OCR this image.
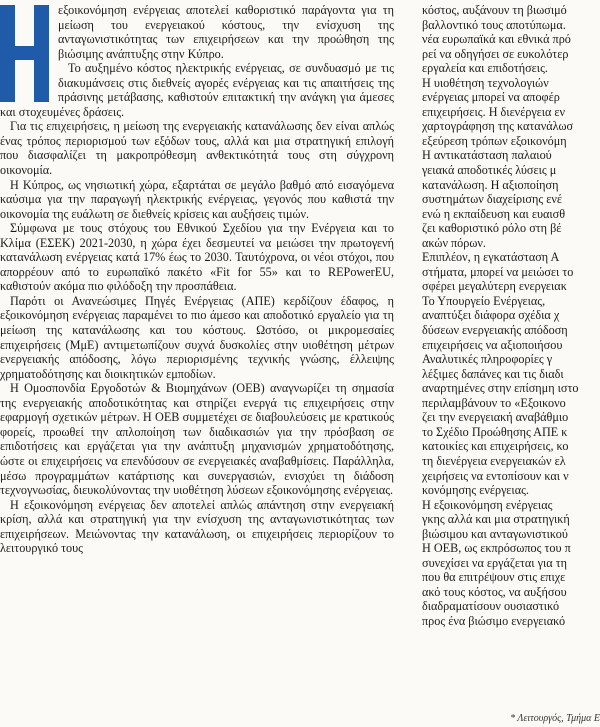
εξοικονόμηση ενέργειας αποτελεί καθοριστικό παράγοντα για τη μείωση του ενεργειακού κόστους, την ενίσχυση της ανταγωνιστικότητας των επιχειρήσεων και την προώθηση της βιώσιμης ανάπτυξης στην Κύπρο.

Το αυξημένο κόστος ηλεκτρικής ενέργειας, σε συνδυασμό με τις διακυμάνσεις στις διεθνείς αγορές ενέργειας και τις απαιτήσεις της πράσινης μετάβασης, καθιστούν επιτακτική την ανάγκη για άμεσες και στοχευμένες δράσεις.

Για τις επιχειρήσεις, η μείωση της ενεργειακής κατανάλωσης δεν είναι απλώς ένας τρόπος περιορισμού των εξόδων τους, αλλά και μια στρατηγική επιλογή που διασφαλίζει τη μακροπρόθεσμη ανθεκτικότητά τους στη σύγχρονη οικονομία.

Η Κύπρος, ως νησιωτική χώρα, εξαρτάται σε μεγάλο βαθμό από εισαγόμενα καύσιμα για την παραγωγή ηλεκτρικής ενέργειας, γεγονός που καθιστά την οικονομία της ευάλωτη σε διεθνείς κρίσεις και αυξήσεις τιμών.

Σύμφωνα με τους στόχους του Εθνικού Σχεδίου για την Ενέργεια και το Κλίμα (ΕΣΕΚ) 2021-2030, η χώρα έχει δεσμευτεί να μειώσει την πρωτογενή κατανάλωση ενέργειας κατά 17% έως το 2030. Ταυτόχρονα, οι νέοι στόχοι, που απορρέουν από το ευρωπαϊκό πακέτο «Fit for 55» και το REPowerEU, καθιστούν ακόμα πιο φιλόδοξη την προσπάθεια.

Παρότι οι Ανανεώσιμες Πηγές Ενέργειας (ΑΠΕ) κερδίζουν έδαφος, η εξοικονόμηση ενέργειας παραμένει το πιο άμεσο και αποδοτικό εργαλείο για τη μείωση της κατανάλωσης και του κόστους. Ωστόσο, οι μικρομεσαίες επιχειρήσεις (ΜμΕ) αντιμετωπίζουν συχνά δυσκολίες στην υιοθέτηση μέτρων ενεργειακής απόδοσης, λόγω περιορισμένης τεχνικής γνώσης, έλλειψης χρηματοδότησης και διοικητικών εμποδίων.

Η Ομοσπονδία Εργοδοτών & Βιομηχάνων (ΟΕΒ) αναγνωρίζει τη σημασία της ενεργειακής αποδοτικότητας και στηρίζει ενεργά τις επιχειρήσεις στην εφαρμογή σχετικών μέτρων. Η ΟΕΒ συμμετέχει σε διαβουλεύσεις με κρατικούς φορείς, προωθεί την απλοποίηση των διαδικασιών για την πρόσβαση σε επιδοτήσεις και εργάζεται για την ανάπτυξη μηχανισμών χρηματοδότησης, ώστε οι επιχειρήσεις να επενδύσουν σε ενεργειακές αναβαθμίσεις. Παράλληλα, μέσω προγραμμάτων κατάρτισης και συνεργασιών, ενισχύει τη διάδοση τεχνογνωσίας, διευκολύνοντας την υιοθέτηση λύσεων εξοικονόμησης ενέργειας.

Η εξοικονόμηση ενέργειας δεν αποτελεί απλώς απάντηση στην ενεργειακή κρίση, αλλά και στρατηγική για την ενίσχυση της ανταγωνιστικότητας των επιχειρήσεων. Μειώνοντας την κατανάλωση, οι επιχειρήσεις περιορίζουν το λειτουργικό τους

κόστος, αυξάνουν τη βιωσιμό

βαλλοντικό τους αποτύπωμα.

νέα ευρωπαϊκά και εθνικά πρό

ρεί να οδηγήσει σε ευκολότερ

εργαλεία και επιδοτήσεις.

Η υιοθέτηση τεχνολογιών

ενέργειας μπορεί να αποφέρ

επιχειρήσεις. Η διενέργεια εν

χαρτογράφηση της κατανάλωσ

εξεύρεση τρόπων εξοικονόμη

Η αντικατάσταση παλαιού

γειακά αποδοτικές λύσεις μ

κατανάλωση. Η αξιοποίηση

συστημάτων διαχείρισης ενέ

ενώ η εκπαίδευση και ευαισθ

ζει καθοριστικό ρόλο στη βέ

ακών πόρων.

Επιπλέον, η εγκατάσταση Α

στήματα, μπορεί να μειώσει το

σφέρει μεγαλύτερη ενεργειακ

Το Υπουργείο Ενέργειας,

αναπτύξει διάφορα σχέδια χ

δύσεων ενεργειακής απόδοση

επιχειρήσεις να αξιοποιήσου

Αναλυτικές πληροφορίες γ

λέξιμες δαπάνες και τις διαδι

αναρτημένες στην επίσημη ιστο

περιλαμβάνουν το «Εξοικονο

ζει την ενεργειακή αναβάθμιο

το Σχέδιο Προώθησης ΑΠΕ κ

κατοικίες και επιχειρήσεις, κο

τη διενέργεια ενεργειακών ελ

χειρήσεις να εντοπίσουν και ν

κονόμησης ενέργειας.

Η εξοικονόμηση ενέργειας

γκης αλλά και μια στρατηγική

βιώσιμου και ανταγωνιστικού

Η ΟΕΒ, ως εκπρόσωπος του π

συνεχίσει να εργάζεται για τη

που θα επιτρέψουν στις επιχε

ακό τους κόστος, να αυξήσου

διαδραματίσουν ουσιαστικό

προς ένα βιώσιμο ενεργειακό

* Λειτουργός, Τμήμα Ε
